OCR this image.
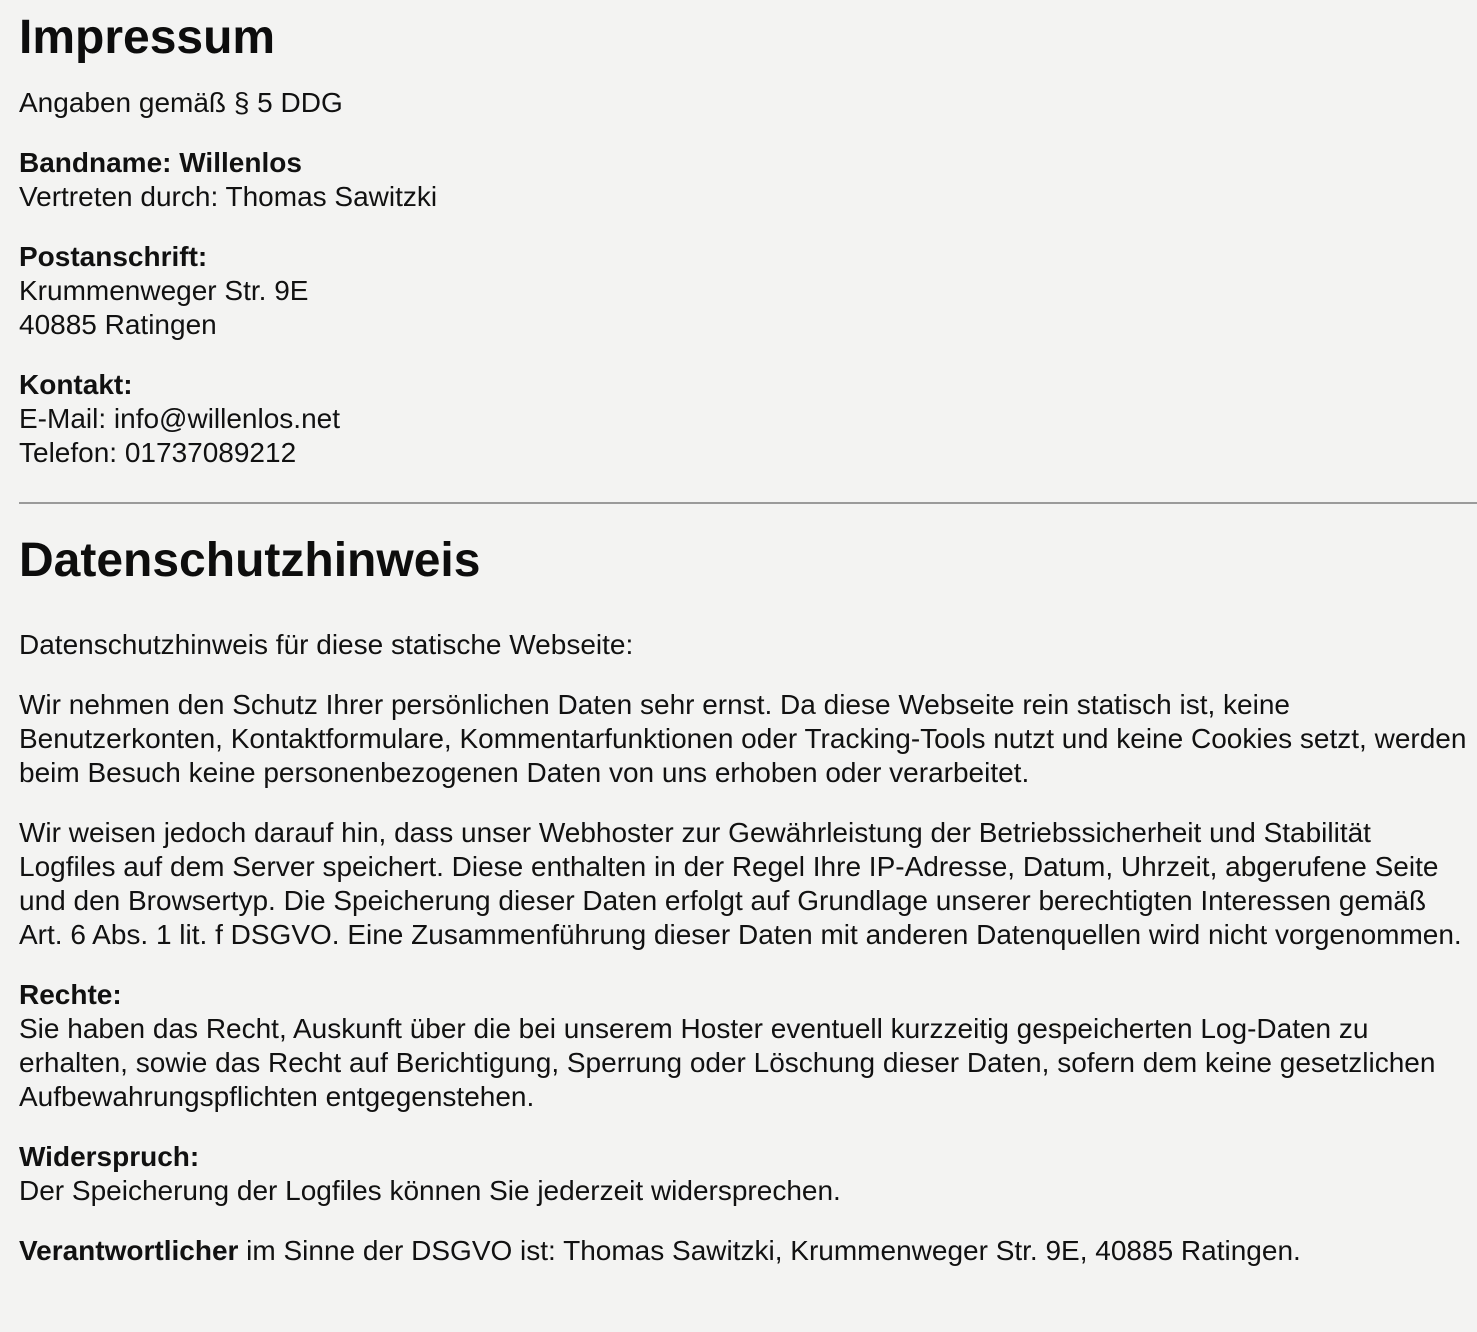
Impressum

Angaben gemäß § 5 DDG

Bandname: Willenlos
Vertreten durch: Thomas Sawitzki
Postanschrift:
Krummenweger Str. 9E
40885 Ratingen
Kontakt:
E-Mail: info@willenlos.net
Telefon: 01737089212
Datenschutzhinweis

Datenschutzhinweis für diese statische Webseite:

Wir nehmen den Schutz Ihrer persönlichen Daten sehr ernst. Da diese Webseite rein statisch ist, keine Benutzerkonten, Kontaktformulare, Kommentarfunktionen oder Tracking-Tools nutzt und keine Cookies setzt, werden beim Besuch keine personenbezogenen Daten von uns erhoben oder verarbeitet.

Wir weisen jedoch darauf hin, dass unser Webhoster zur Gewährleistung der Betriebssicherheit und Stabilität Logfiles auf dem Server speichert. Diese enthalten in der Regel Ihre IP-Adresse, Datum, Uhrzeit, abgerufene Seite und den Browsertyp. Die Speicherung dieser Daten erfolgt auf Grundlage unserer berechtigten Interessen gemäß Art. 6 Abs. 1 lit. f DSGVO. Eine Zusammenführung dieser Daten mit anderen Datenquellen wird nicht vorgenommen.

Rechte:
Sie haben das Recht, Auskunft über die bei unserem Hoster eventuell kurzzeitig gespeicherten Log-Daten zu erhalten, sowie das Recht auf Berichtigung, Sperrung oder Löschung dieser Daten, sofern dem keine gesetzlichen Aufbewahrungspflichten entgegenstehen.
Widerspruch:
Der Speicherung der Logfiles können Sie jederzeit widersprechen.

Verantwortlicher im Sinne der DSGVO ist: Thomas Sawitzki, Krummenweger Str. 9E, 40885 Ratingen.
